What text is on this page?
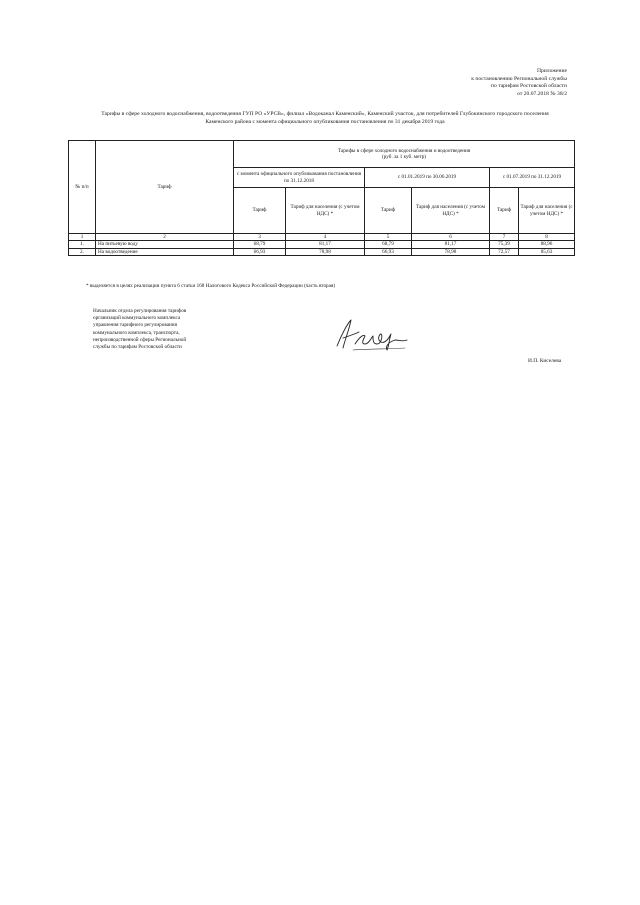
Приложение
к постановлению Региональной службы
по тарифам Ростовской области
от 20.07.2018 № 38/2
Тарифы в сфере холодного водоснабжения, водоотведения ГУП РО «УРСВ», филиал «Водоканал Каменский», Каменский участок, для потребителей Глубокинского городского поселения
Каменского района с момента официального опубликования постановления по 31 декабря 2019 года
№ п/п	Тариф	Тарифы в сфере холодного водоснабжения и водоотведения
(руб. за 1 куб. метр)					

		с момента официального опубликования постановления по 31.12.2018		с 01.01.2019 по 30.06.2019		с 01.07.2019 по 31.12.2019	
		Тариф	Тариф для населения (с учетом НДС) *	Тариф	Тариф для населения (с учетом НДС) *	Тариф	Тариф для населения (с учетом НДС) *
1	2	3	4	5	6	7	8
1.	На питьевую воду	68,79	81,17	68,79	81,17	75,39	88,96
2.	На водоотведение	66,93	78,98	66,93	78,98	72,57	85,63
* выделяется в целях реализации пункта 6 статьи 168 Налогового Кодекса Российской Федерации (часть вторая)
Начальник отдела регулирования тарифов
организаций коммунального комплекса
управления тарифного регулирования
коммунального комплекса, транспорта,
непроизводственной сферы Региональной
службы по тарифам Ростовской области
И.П. Киселева
